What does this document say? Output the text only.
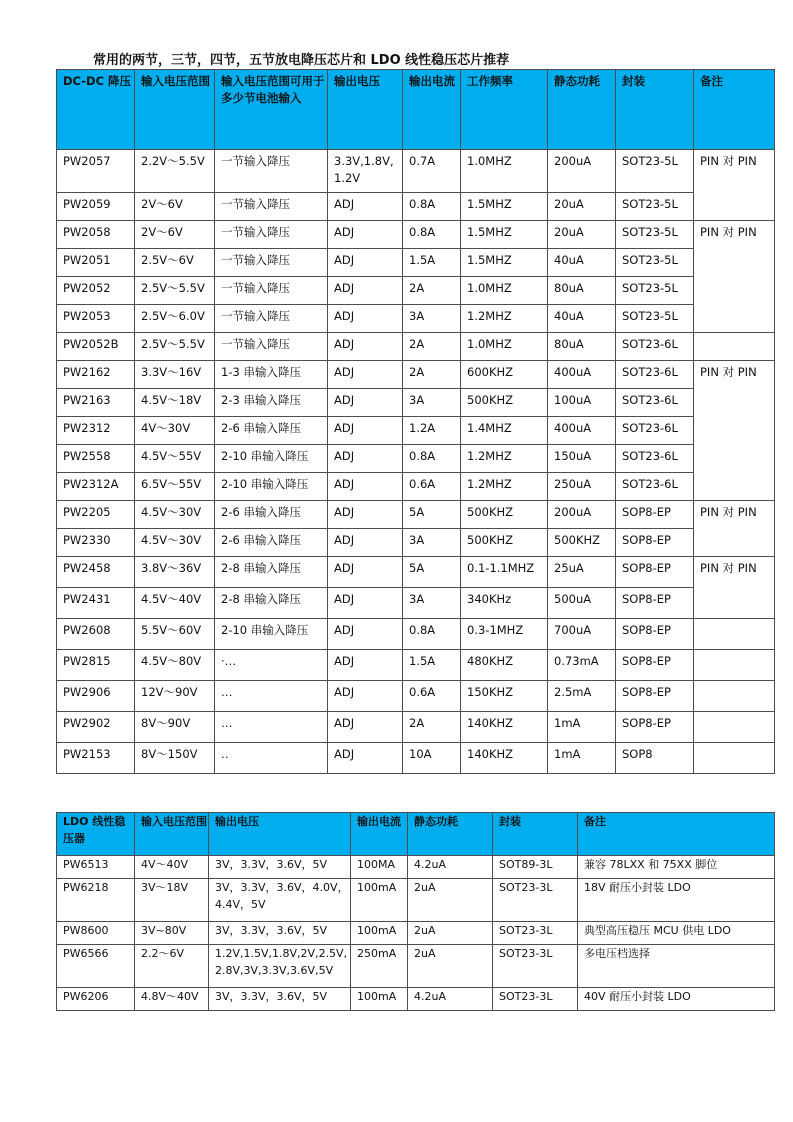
常用的两节，三节，四节，五节放电降压芯片和 LDO 线性稳压芯片推荐
DC-DC 降压	输入电压范围	输入电压范围可用于多少节电池输入	输出电压	输出电流	工作频率	静态功耗	封装	备注
PW2057	2.2V～5.5V	一节输入降压	3.3V,1.8V, 1.2V	0.7A	1.0MHZ	200uA	SOT23-5L	PIN 对 PIN
PW2059	2V～6V	一节输入降压	ADJ	0.8A	1.5MHZ	20uA	SOT23-5L	
PW2058	2V～6V	一节输入降压	ADJ	0.8A	1.5MHZ	20uA	SOT23-5L	PIN 对 PIN
PW2051	2.5V～6V	一节输入降压	ADJ	1.5A	1.5MHZ	40uA	SOT23-5L	
PW2052	2.5V～5.5V	一节输入降压	ADJ	2A	1.0MHZ	80uA	SOT23-5L	
PW2053	2.5V～6.0V	一节输入降压	ADJ	3A	1.2MHZ	40uA	SOT23-5L	
PW2052B	2.5V～5.5V	一节输入降压	ADJ	2A	1.0MHZ	80uA	SOT23-6L	
PW2162	3.3V～16V	1-3 串输入降压	ADJ	2A	600KHZ	400uA	SOT23-6L	PIN 对 PIN
PW2163	4.5V～18V	2-3 串输入降压	ADJ	3A	500KHZ	100uA	SOT23-6L	
PW2312	4V～30V	2-6 串输入降压	ADJ	1.2A	1.4MHZ	400uA	SOT23-6L	
PW2558	4.5V～55V	2-10 串输入降压	ADJ	0.8A	1.2MHZ	150uA	SOT23-6L	
PW2312A	6.5V～55V	2-10 串输入降压	ADJ	0.6A	1.2MHZ	250uA	SOT23-6L	
PW2205	4.5V～30V	2-6 串输入降压	ADJ	5A	500KHZ	200uA	SOP8-EP	PIN 对 PIN
PW2330	4.5V～30V	2-6 串输入降压	ADJ	3A	500KHZ	500KHZ	SOP8-EP	
PW2458	3.8V～36V	2-8 串输入降压	ADJ	5A	0.1-1.1MHZ	25uA	SOP8-EP	PIN 对 PIN
PW2431	4.5V～40V	2-8 串输入降压	ADJ	3A	340KHz	500uA	SOP8-EP	
PW2608	5.5V～60V	2-10 串输入降压	ADJ	0.8A	0.3-1MHZ	700uA	SOP8-EP	
PW2815	4.5V～80V	·…	ADJ	1.5A	480KHZ	0.73mA	SOP8-EP	
PW2906	12V～90V	…	ADJ	0.6A	150KHZ	2.5mA	SOP8-EP	
PW2902	8V～90V	…	ADJ	2A	140KHZ	1mA	SOP8-EP	
PW2153	8V～150V	‥	ADJ	10A	140KHZ	1mA	SOP8	
LDO 线性稳压器	输入电压范围	输出电压	输出电流	静态功耗	封装	备注
PW6513	4V～40V	3V，3.3V，3.6V，5V	100MA	4.2uA	SOT89-3L	兼容 78LXX 和 75XX 脚位
PW6218	3V～18V	3V，3.3V，3.6V，4.0V，4.4V，5V	100mA	2uA	SOT23-3L	18V 耐压小封装 LDO
PW8600	3V~80V	3V，3.3V，3.6V，5V	100mA	2uA	SOT23-3L	典型高压稳压 MCU 供电 LDO
PW6566	2.2～6V	1.2V,1.5V,1.8V,2V,2.5V, 2.8V,3V,3.3V,3.6V,5V	250mA	2uA	SOT23-3L	多电压档选择
PW6206	4.8V～40V	3V，3.3V，3.6V，5V	100mA	4.2uA	SOT23-3L	40V 耐压小封装 LDO
